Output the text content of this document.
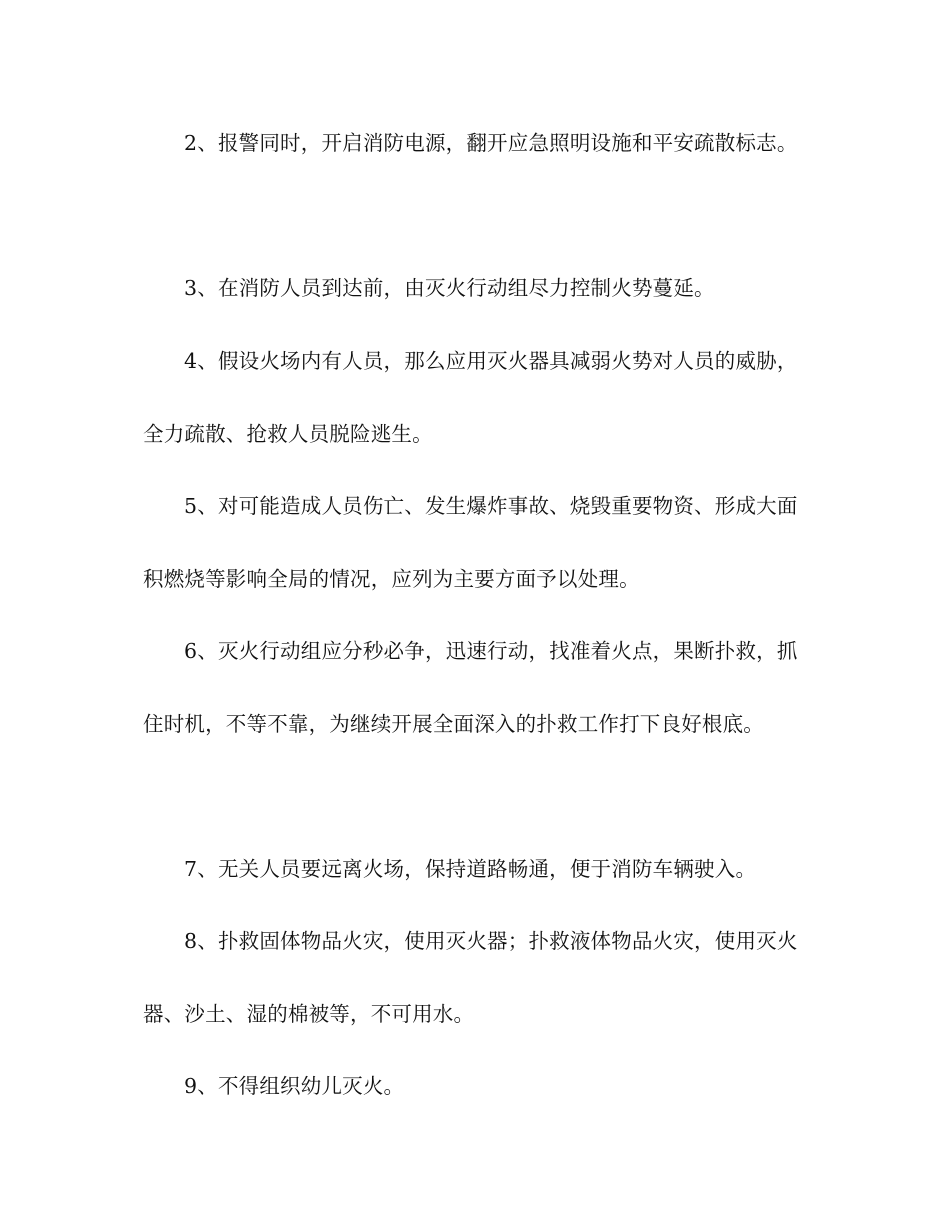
2、报警同时，开启消防电源，翻开应急照明设施和平安疏散标志。

3、在消防人员到达前，由灭火行动组尽力控制火势蔓延。

4、假设火场内有人员，那么应用灭火器具减弱火势对人员的威胁，全力疏散、抢救人员脱险逃生。

5、对可能造成人员伤亡、发生爆炸事故、烧毁重要物资、形成大面积燃烧等影响全局的情况，应列为主要方面予以处理。

6、灭火行动组应分秒必争，迅速行动，找准着火点，果断扑救，抓住时机，不等不靠，为继续开展全面深入的扑救工作打下良好根底。

7、无关人员要远离火场，保持道路畅通，便于消防车辆驶入。

8、扑救固体物品火灾，使用灭火器；扑救液体物品火灾，使用灭火器、沙土、湿的棉被等，不可用水。

9、不得组织幼儿灭火。
